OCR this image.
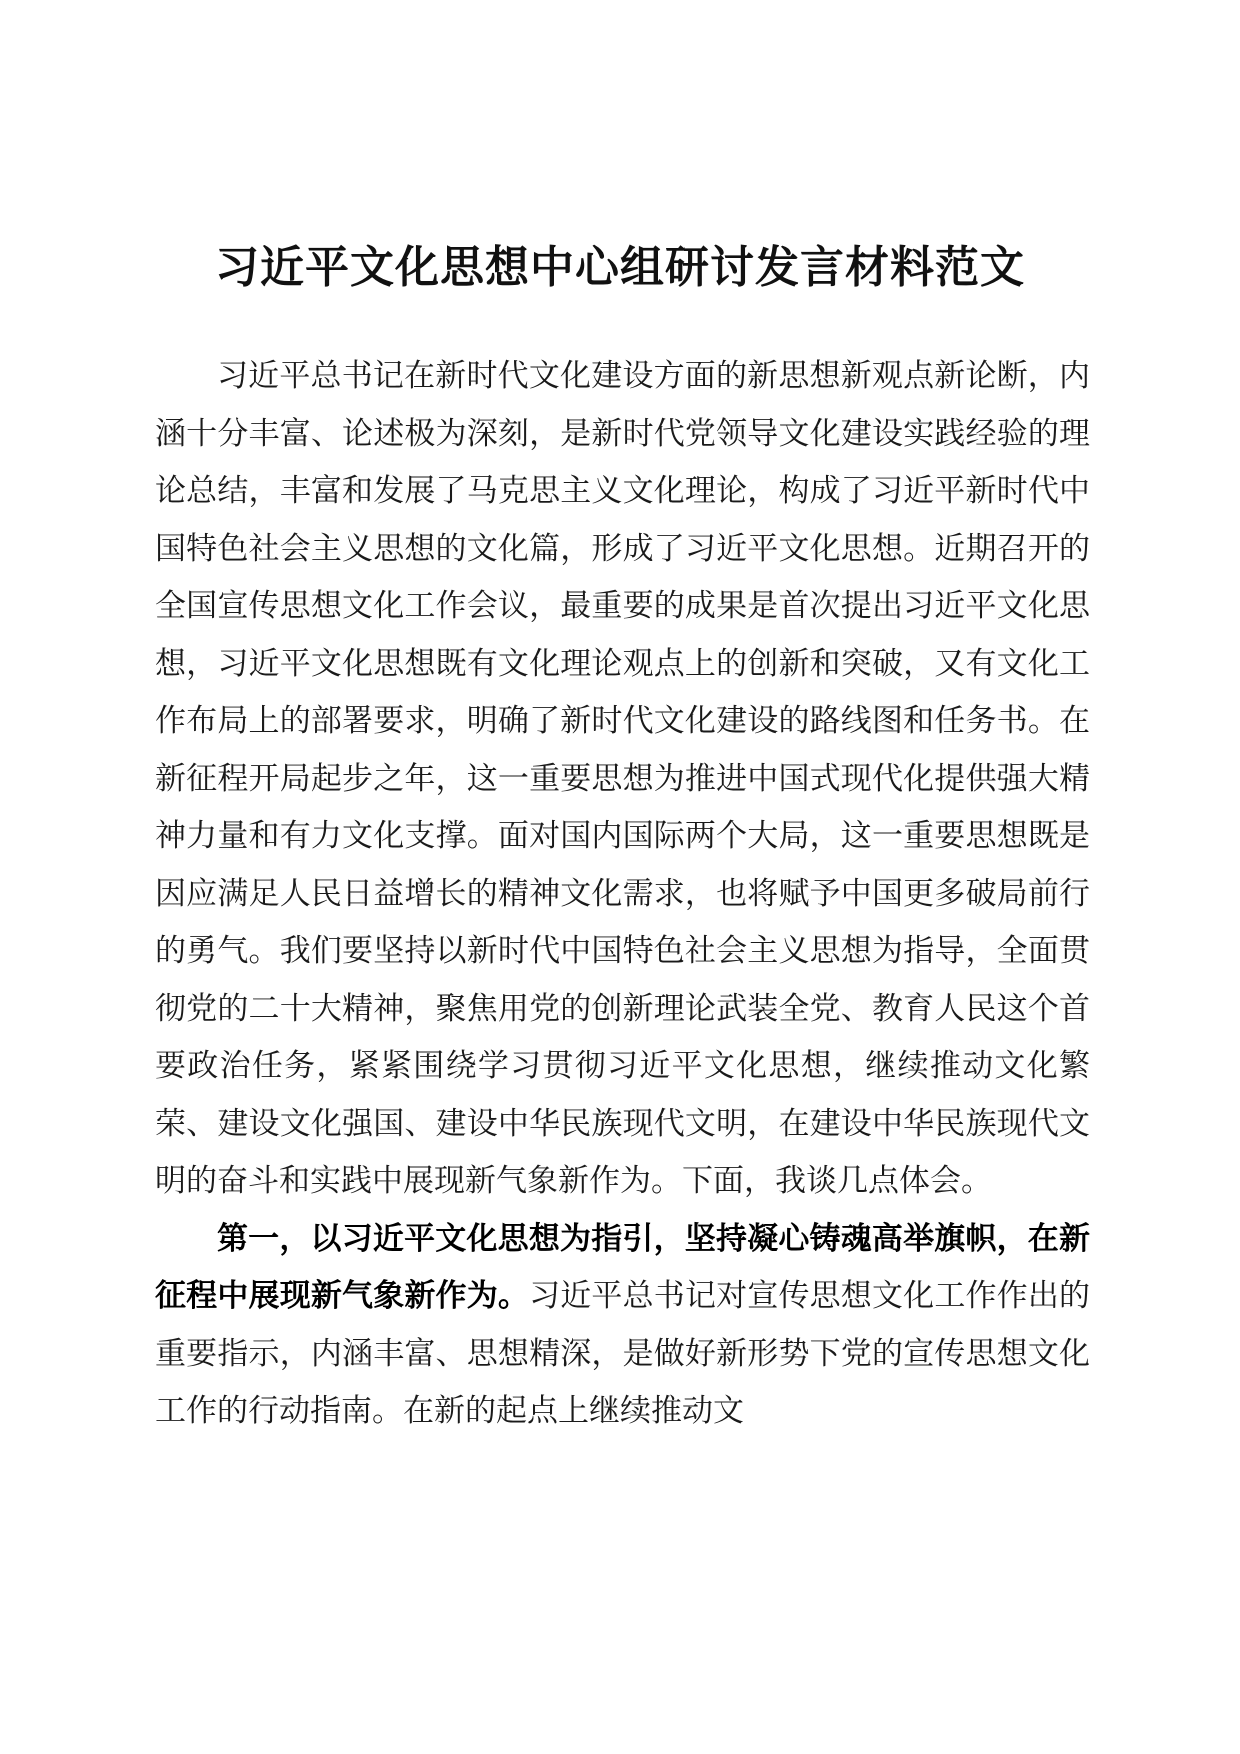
习近平文化思想中心组研讨发言材料范文

习近平总书记在新时代文化建设方面的新思想新观点新论断，内涵十分丰富、论述极为深刻，是新时代党领导文化建设实践经验的理论总结，丰富和发展了马克思主义文化理论，构成了习近平新时代中国特色社会主义思想的文化篇，形成了习近平文化思想。近期召开的全国宣传思想文化工作会议，最重要的成果是首次提出习近平文化思想，习近平文化思想既有文化理论观点上的创新和突破，又有文化工作布局上的部署要求，明确了新时代文化建设的路线图和任务书。在新征程开局起步之年，这一重要思想为推进中国式现代化提供强大精神力量和有力文化支撑。面对国内国际两个大局，这一重要思想既是因应满足人民日益增长的精神文化需求，也将赋予中国更多破局前行的勇气。我们要坚持以新时代中国特色社会主义思想为指导，全面贯彻党的二十大精神，聚焦用党的创新理论武装全党、教育人民这个首要政治任务，紧紧围绕学习贯彻习近平文化思想，继续推动文化繁荣、建设文化强国、建设中华民族现代文明，在建设中华民族现代文明的奋斗和实践中展现新气象新作为。下面，我谈几点体会。

第一，以习近平文化思想为指引，坚持凝心铸魂高举旗帜，在新征程中展现新气象新作为。习近平总书记对宣传思想文化工作作出的重要指示，内涵丰富、思想精深，是做好新形势下党的宣传思想文化工作的行动指南。在新的起点上继续推动文
